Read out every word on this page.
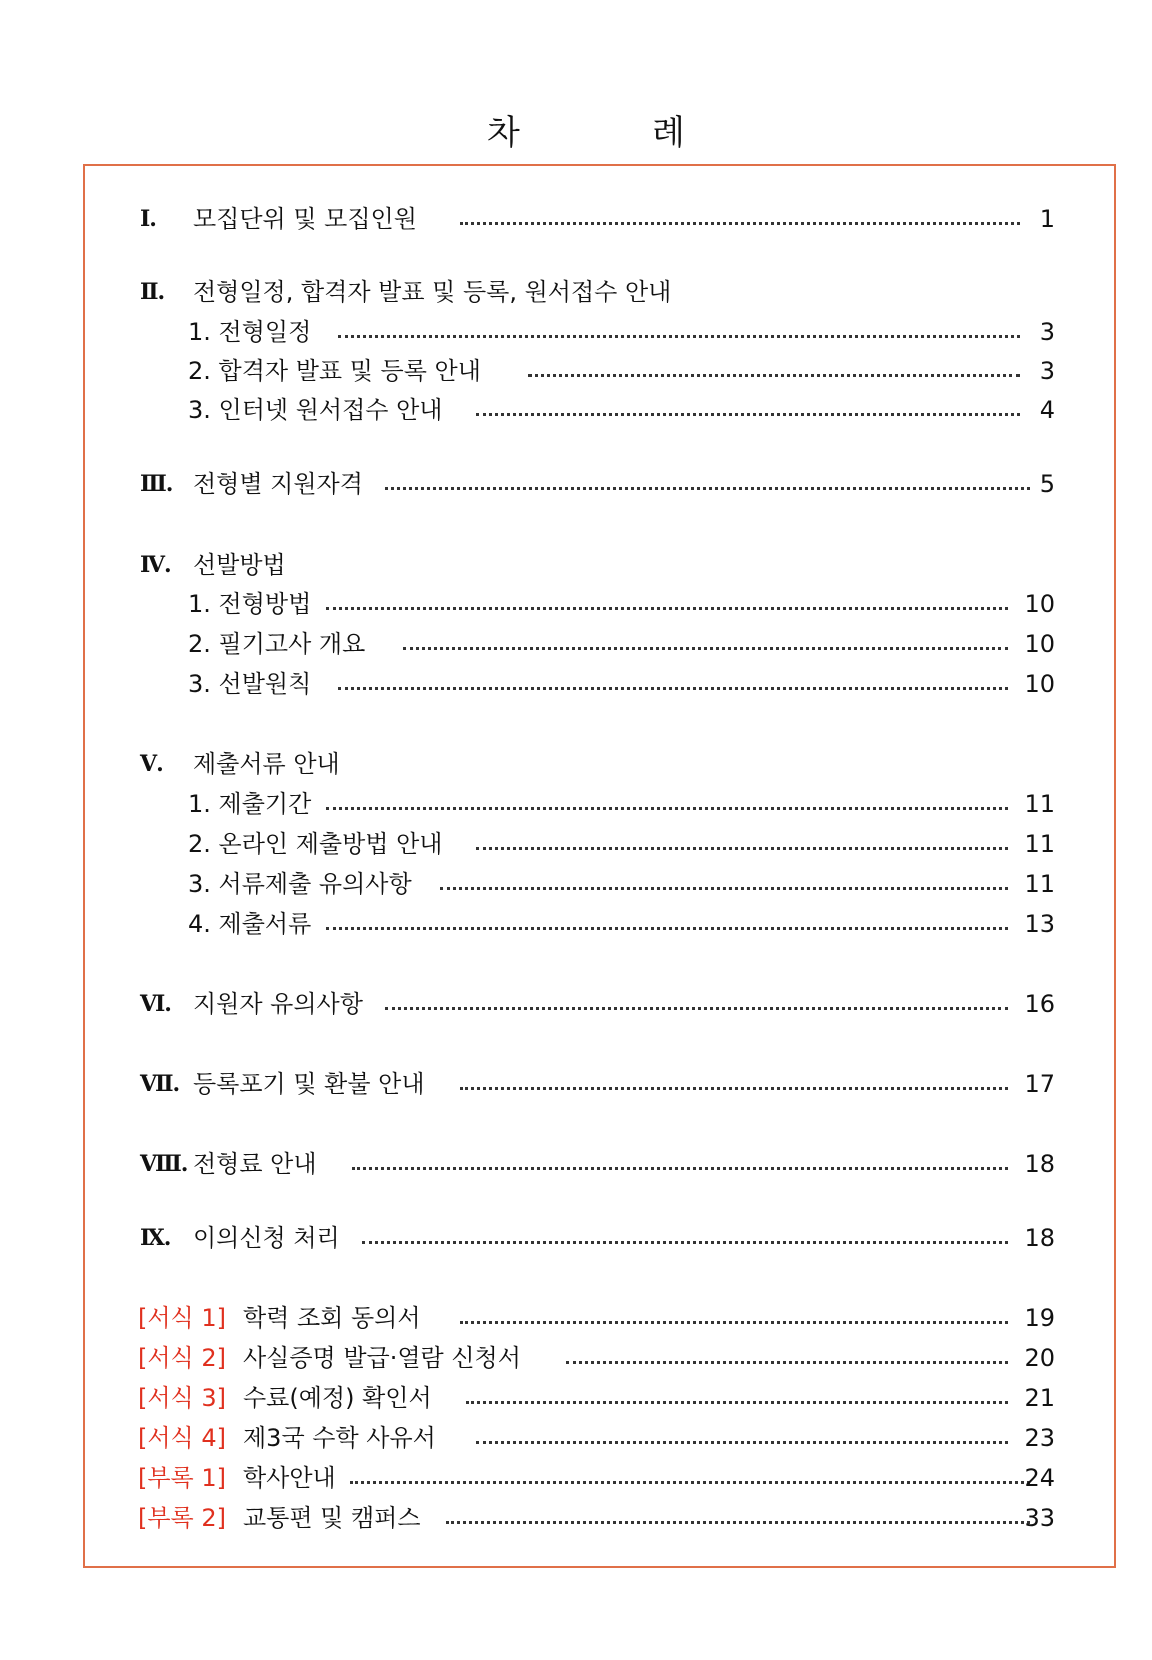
차	례
Ⅰ. 모집단위 및 모집인원	1
Ⅱ. 전형일정, 합격자 발표 및 등록, 원서접수 안내
1. 전형일정	3
2. 합격자 발표 및 등록 안내	3
3. 인터넷 원서접수 안내	4
Ⅲ. 전형별 지원자격	5
Ⅳ. 선발방법
1. 전형방법	10
2. 필기고사 개요	10
3. 선발원칙	10
Ⅴ. 제출서류 안내
1. 제출기간	11
2. 온라인 제출방법 안내	11
3. 서류제출 유의사항	11
4. 제출서류	13
Ⅵ. 지원자 유의사항	16
Ⅶ. 등록포기 및 환불 안내	17
Ⅷ. 전형료 안내	18
Ⅸ. 이의신청 처리	18
[서식 1] 학력 조회 동의서	19
[서식 2] 사실증명 발급·열람 신청서	20
[서식 3] 수료(예정) 확인서	21
[서식 4] 제3국 수학 사유서	23
[부록 1] 학사안내	24
[부록 2] 교통편 및 캠퍼스	33
